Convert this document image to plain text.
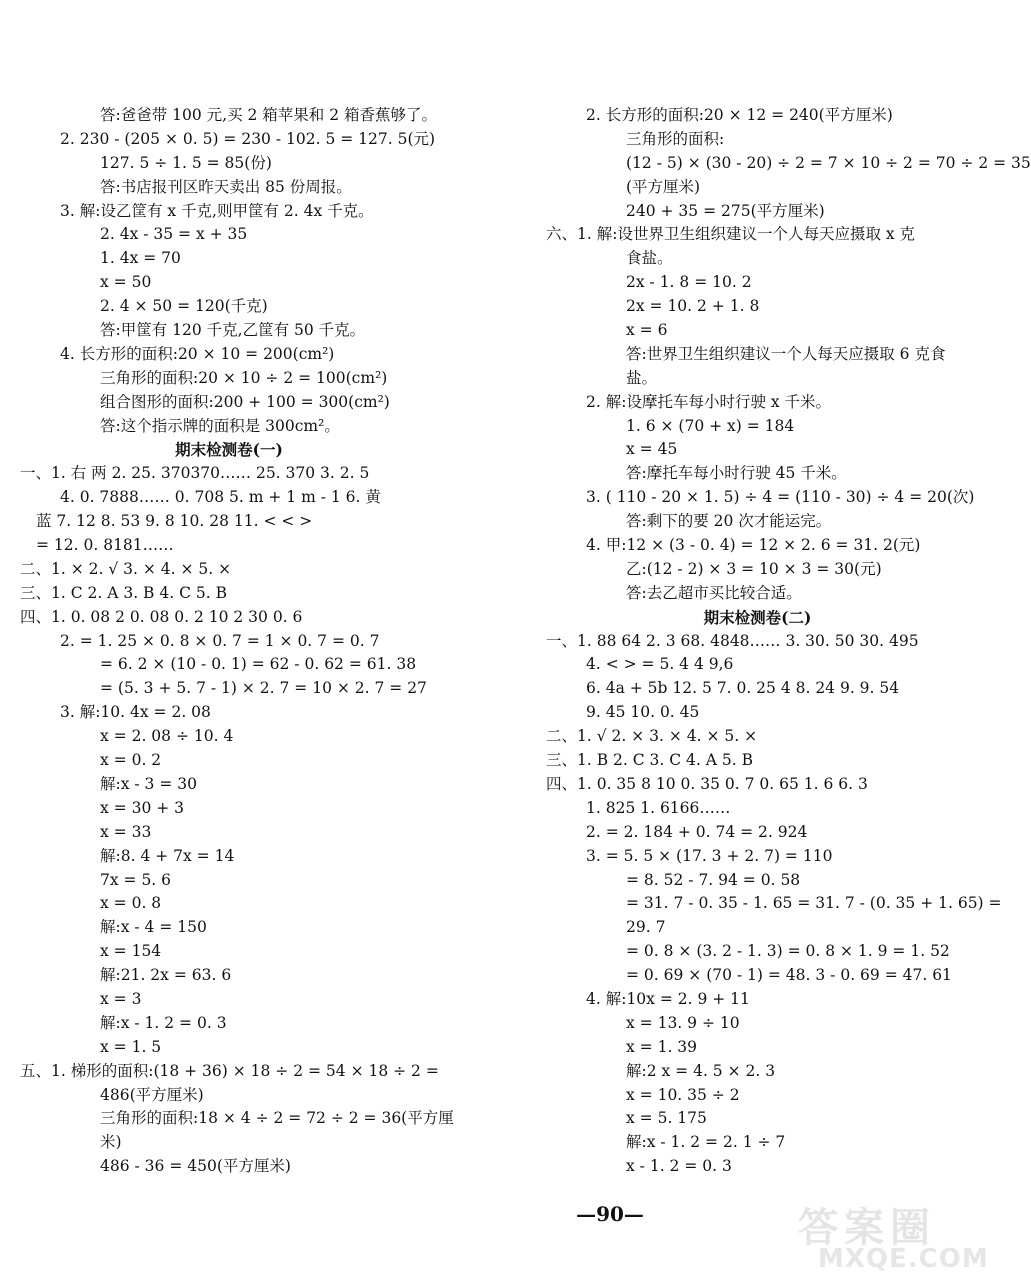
答:爸爸带 100 元,买 2 箱苹果和 2 箱香蕉够了。
2. 230 - (205 × 0. 5) = 230 - 102. 5 = 127. 5(元)
127. 5 ÷ 1. 5 = 85(份)
答:书店报刊区昨天卖出 85 份周报。
3. 解:设乙筐有 x 千克,则甲筐有 2. 4x 千克。
2. 4x - 35 = x + 35
1. 4x = 70
x = 50
2. 4 × 50 = 120(千克)
答:甲筐有 120 千克,乙筐有 50 千克。
4. 长方形的面积:20 × 10 = 200(cm²)
三角形的面积:20 × 10 ÷ 2 = 100(cm²)
组合图形的面积:200 + 100 = 300(cm²)
答:这个指示牌的面积是 300cm²。
期末检测卷(一)
一、1. 右 两 2. 25. 370370…… 25. 370 3. 2. 5
4. 0. 7888…… 0. 708 5. m + 1 m - 1 6. 黄
蓝 7. 12 8. 53 9. 8 10. 28 11. < < >
= 12. 0. 8181……
二、1. × 2. √ 3. × 4. × 5. ×
三、1. C 2. A 3. B 4. C 5. B
四、1. 0. 08 2 0. 08 0. 2 10 2 30 0. 6
2. = 1. 25 × 0. 8 × 0. 7 = 1 × 0. 7 = 0. 7
= 6. 2 × (10 - 0. 1) = 62 - 0. 62 = 61. 38
= (5. 3 + 5. 7 - 1) × 2. 7 = 10 × 2. 7 = 27
3. 解:10. 4x = 2. 08
x = 2. 08 ÷ 10. 4
x = 0. 2
解:x - 3 = 30
x = 30 + 3
x = 33
解:8. 4 + 7x = 14
7x = 5. 6
x = 0. 8
解:x - 4 = 150
x = 154
解:21. 2x = 63. 6
x = 3
解:x - 1. 2 = 0. 3
x = 1. 5
五、1. 梯形的面积:(18 + 36) × 18 ÷ 2 = 54 × 18 ÷ 2 =
486(平方厘米)
三角形的面积:18 × 4 ÷ 2 = 72 ÷ 2 = 36(平方厘
米)
486 - 36 = 450(平方厘米)
2. 长方形的面积:20 × 12 = 240(平方厘米)
三角形的面积:
(12 - 5) × (30 - 20) ÷ 2 = 7 × 10 ÷ 2 = 70 ÷ 2 = 35
(平方厘米)
240 + 35 = 275(平方厘米)
六、1. 解:设世界卫生组织建议一个人每天应摄取 x 克
食盐。
2x - 1. 8 = 10. 2
2x = 10. 2 + 1. 8
x = 6
答:世界卫生组织建议一个人每天应摄取 6 克食
盐。
2. 解:设摩托车每小时行驶 x 千米。
1. 6 × (70 + x) = 184
x = 45
答:摩托车每小时行驶 45 千米。
3. ( 110 - 20 × 1. 5) ÷ 4 = (110 - 30) ÷ 4 = 20(次)
答:剩下的要 20 次才能运完。
4. 甲:12 × (3 - 0. 4) = 12 × 2. 6 = 31. 2(元)
乙:(12 - 2) × 3 = 10 × 3 = 30(元)
答:去乙超市买比较合适。
期末检测卷(二)
一、1. 88 64 2. 3 68. 4848…… 3. 30. 50 30. 495
4. < > = 5. 4 4 9,6
6. 4a + 5b 12. 5 7. 0. 25 4 8. 24 9. 9. 54
9. 45 10. 0. 45
二、1. √ 2. × 3. × 4. × 5. ×
三、1. B 2. C 3. C 4. A 5. B
四、1. 0. 35 8 10 0. 35 0. 7 0. 65 1. 6 6. 3
1. 825 1. 6166……
2. = 2. 184 + 0. 74 = 2. 924
3. = 5. 5 × (17. 3 + 2. 7) = 110
= 8. 52 - 7. 94 = 0. 58
= 31. 7 - 0. 35 - 1. 65 = 31. 7 - (0. 35 + 1. 65) =
29. 7
= 0. 8 × (3. 2 - 1. 3) = 0. 8 × 1. 9 = 1. 52
= 0. 69 × (70 - 1) = 48. 3 - 0. 69 = 47. 61
4. 解:10x = 2. 9 + 11
x = 13. 9 ÷ 10
x = 1. 39
解:2 x = 4. 5 × 2. 3
x = 10. 35 ÷ 2
x = 5. 175
解:x - 1. 2 = 2. 1 ÷ 7
x - 1. 2 = 0. 3
—90—	答案圈
MXQE.COM
